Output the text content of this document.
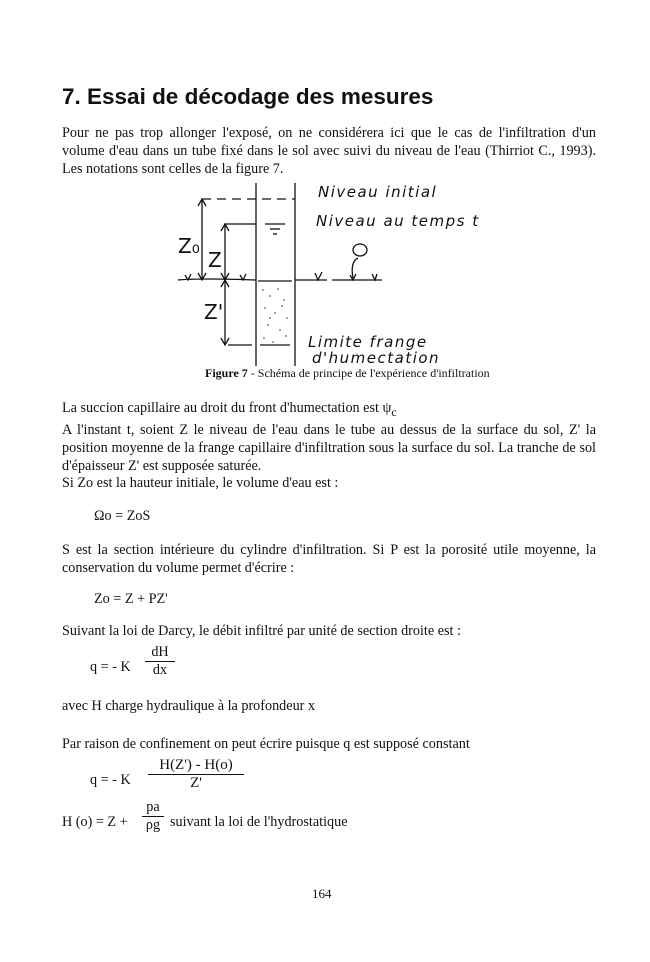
7. Essai de décodage des mesures
Pour ne pas trop allonger l'exposé, on ne considérera ici que le cas de l'infiltration d'un volume d'eau dans un tube fixé dans le sol avec suivi du niveau de l'eau (Thirriot C., 1993). Les notations sont celles de la figure 7.
Z₀
Z
Z'
Niveau initial
Niveau au temps t
Limite frange
d'humectation
Figure 7 - Schéma de principe de l'expérience d'infiltration
La succion capillaire au droit du front d'humectation est $\psi_c$
A l'instant t, soient Z le niveau de l'eau dans le tube au dessus de la surface du sol, Z' la position moyenne de la frange capillaire d'infiltration sous la surface du sol. La tranche de sol d'épaisseur Z' est supposée saturée.
Si Zo est la hauteur initiale, le volume d'eau est :
Ωo = ZoS
S est la section intérieure du cylindre d'infiltration. Si P est la porosité utile moyenne, la conservation du volume permet d'écrire :
Zo = Z + PZ'
Suivant la loi de Darcy, le débit infiltré par unité de section droite est :
q = - K $\frac{dH}{dx}$
avec H charge hydraulique à la profondeur x
Par raison de confinement on peut écrire puisque q est supposé constant
q = - K $\frac{H(Z') - H(o)}{Z'}$
H $(o) = Z + \frac{pa}{\rho g}$ suivant la loi de l'hydrostatique
164
